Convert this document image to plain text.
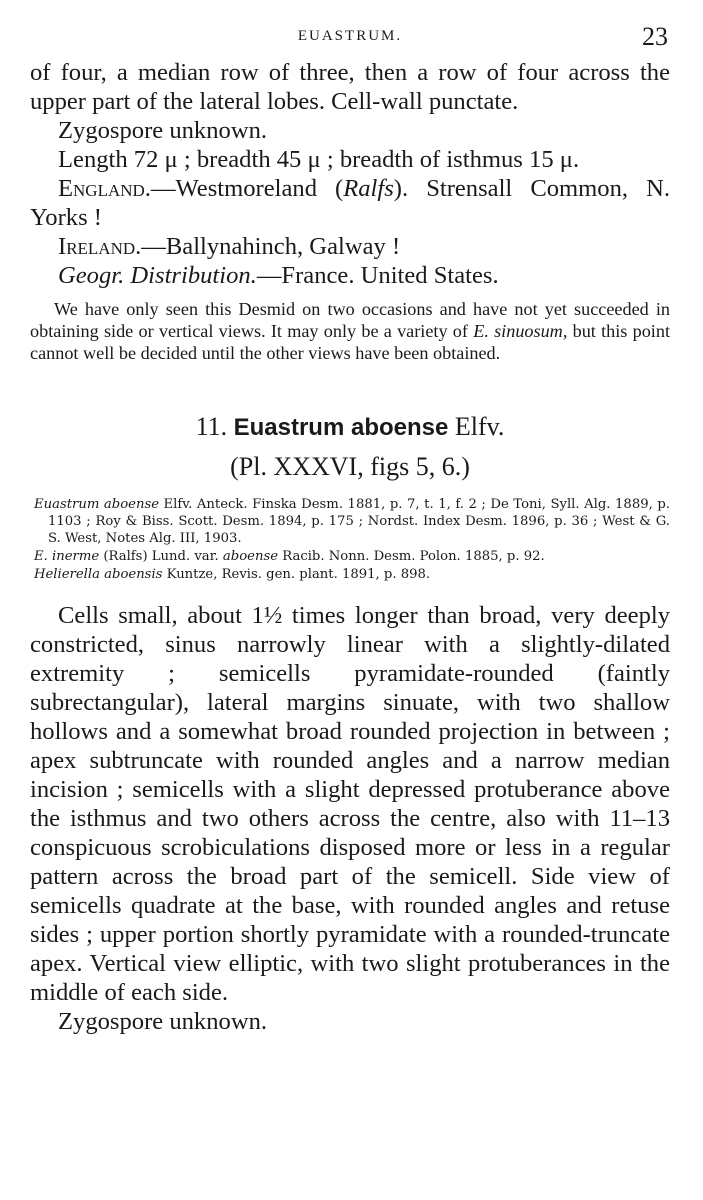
EUASTRUM.	23

of four, a median row of three, then a row of four across the upper part of the lateral lobes. Cell-wall punctate.

Zygospore unknown.

Length 72 μ ; breadth 45 μ ; breadth of isthmus 15 μ.

England.—Westmoreland (Ralfs). Strensall Common, N. Yorks !

Ireland.—Ballynahinch, Galway !

Geogr. Distribution.—France. United States.

We have only seen this Desmid on two occasions and have not yet succeeded in obtaining side or vertical views. It may only be a variety of E. sinuosum, but this point cannot well be decided until the other views have been obtained.

11. Euastrum aboense Elfv.

(Pl. XXXVI, figs 5, 6.)

Euastrum aboense Elfv. Anteck. Finska Desm. 1881, p. 7, t. 1, f. 2 ; De Toni, Syll. Alg. 1889, p. 1103 ; Roy & Biss. Scott. Desm. 1894, p. 175 ; Nordst. Index Desm. 1896, p. 36 ; West & G. S. West, Notes Alg. III, 1903.

E. inerme (Ralfs) Lund. var. aboense Racib. Nonn. Desm. Polon. 1885, p. 92.

Helierella aboensis Kuntze, Revis. gen. plant. 1891, p. 898.

Cells small, about 1½ times longer than broad, very deeply constricted, sinus narrowly linear with a slightly-dilated extremity ; semicells pyramidate-rounded (faintly subrectangular), lateral margins sinuate, with two shallow hollows and a somewhat broad rounded projection in between ; apex subtruncate with rounded angles and a narrow median incision ; semicells with a slight depressed protuberance above the isthmus and two others across the centre, also with 11–13 conspicuous scrobiculations disposed more or less in a regular pattern across the broad part of the semicell. Side view of semicells quadrate at the base, with rounded angles and retuse sides ; upper portion shortly pyramidate with a rounded-truncate apex. Vertical view elliptic, with two slight protuberances in the middle of each side.

Zygospore unknown.
